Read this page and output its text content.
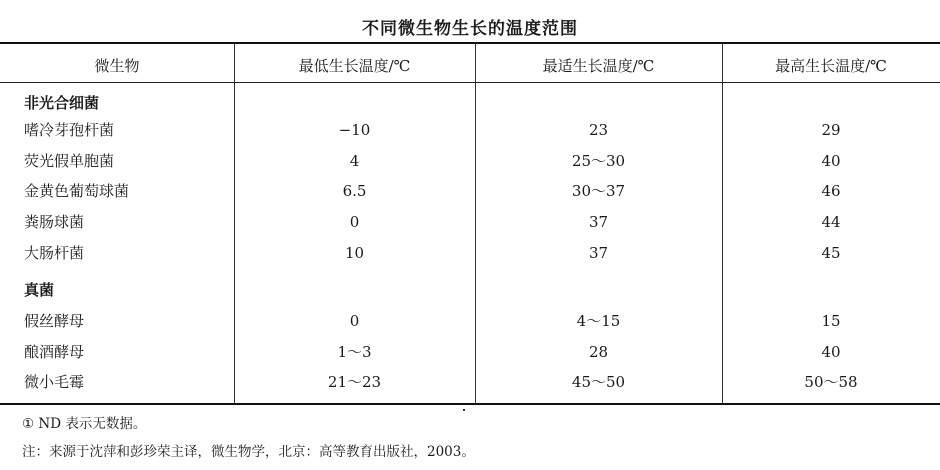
不同微生物生长的温度范围
微生物	最低生长温度/℃	最适生长温度/℃	最高生长温度/℃
非光合细菌
嗜冷芽孢杆菌	−10	23	29
荧光假单胞菌	4	25～30	40
金黄色葡萄球菌	6.5	30～37	46
粪肠球菌	0	37	44
大肠杆菌	10	37	45
真菌
假丝酵母	0	4～15	15
酿酒酵母	1～3	28	40
微小毛霉	21～23	45～50	50～58
① ND 表示无数据。
注：来源于沈萍和彭珍荣主译，微生物学，北京：高等教育出版社，2003。
